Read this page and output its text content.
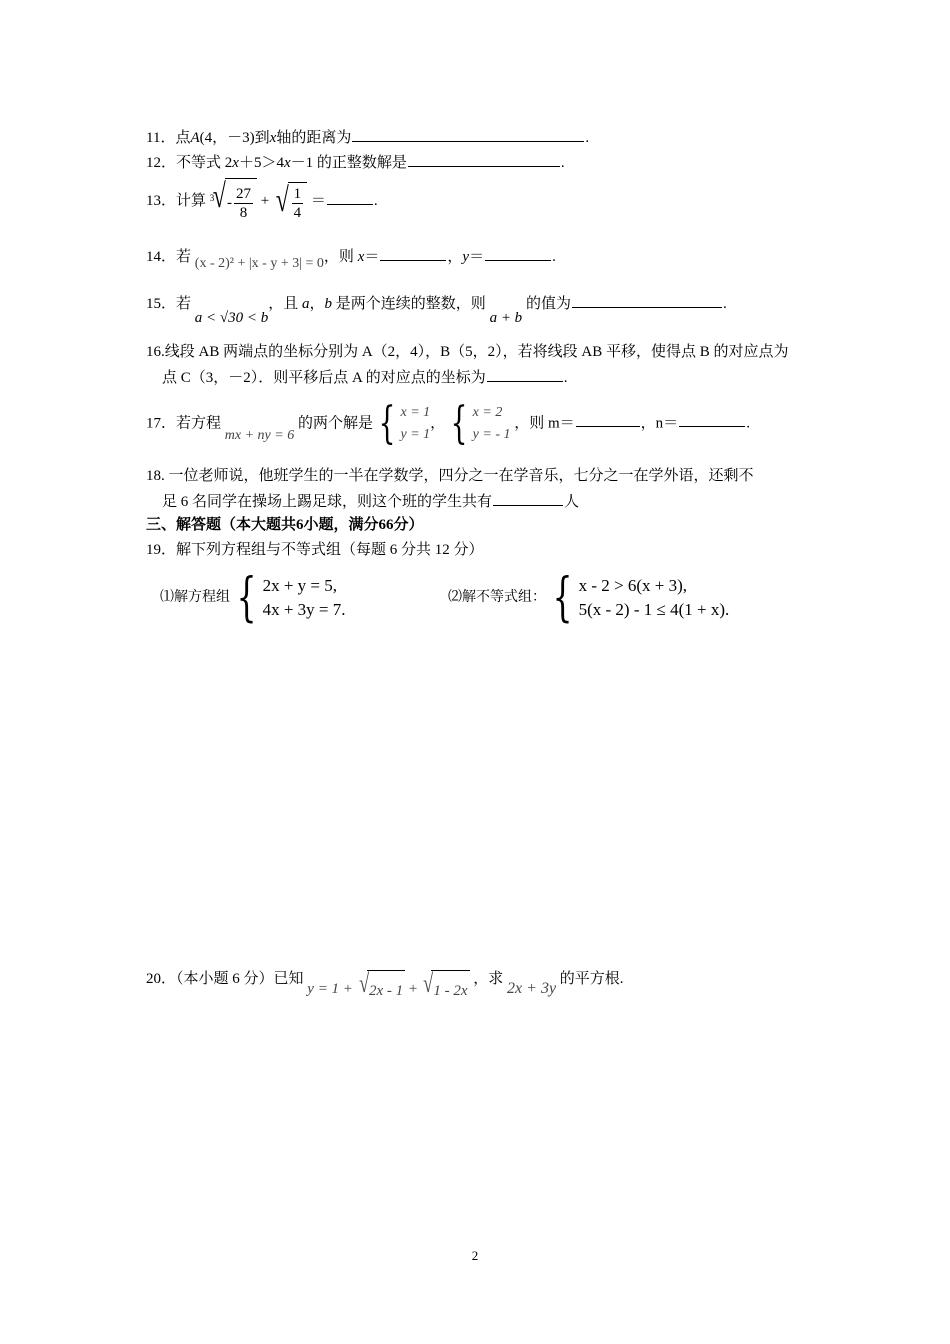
11．点A(4，－3)到x轴的距离为	.
12．不等式 2x＋5＞4x－1 的正整数解是	.
13．计算 3
√ - $\frac{27}{8}$ + √ $\frac{1}{4}$ ＝	.
14．若 (x - 2)² + |x - y + 3| = 0，则 x＝	，y＝	.
15．若 a < √30 < b，且 a，b 是两个连续的整数，则 a + b 的值为	.
16.线段 AB 两端点的坐标分别为 A（2，4），B（5，2），若将线段 AB 平移，使得点 B 的对应点为
点 C（3，－2）．则平移后点 A 的对应点的坐标为	.
17．若方程 mx + ny = 6 的两个解是 { x = 1
y = 1
， { x = 2
y = - 1
，则 m＝	，n＝	.
18. 一位老师说，他班学生的一半在学数学，四分之一在学音乐，七分之一在学外语，还剩不
足 6 名同学在操场上踢足球，则这个班的学生共有	人
三、解答题（本大题共6小题，满分66分）
19．解下列方程组与不等式组（每题 6 分共 12 分）
⑴解方程组 { 2x + y = 5,
4x + 3y = 7.
⑵解不等式组： { x - 2 > 6(x + 3),
5(x - 2) - 1 ≤ 4(1 + x).
20．（本小题 6 分）已知 y = 1 + √ 2x - 1 + √ 1 - 2x
，求 2x + 3y 的平方根.
2
